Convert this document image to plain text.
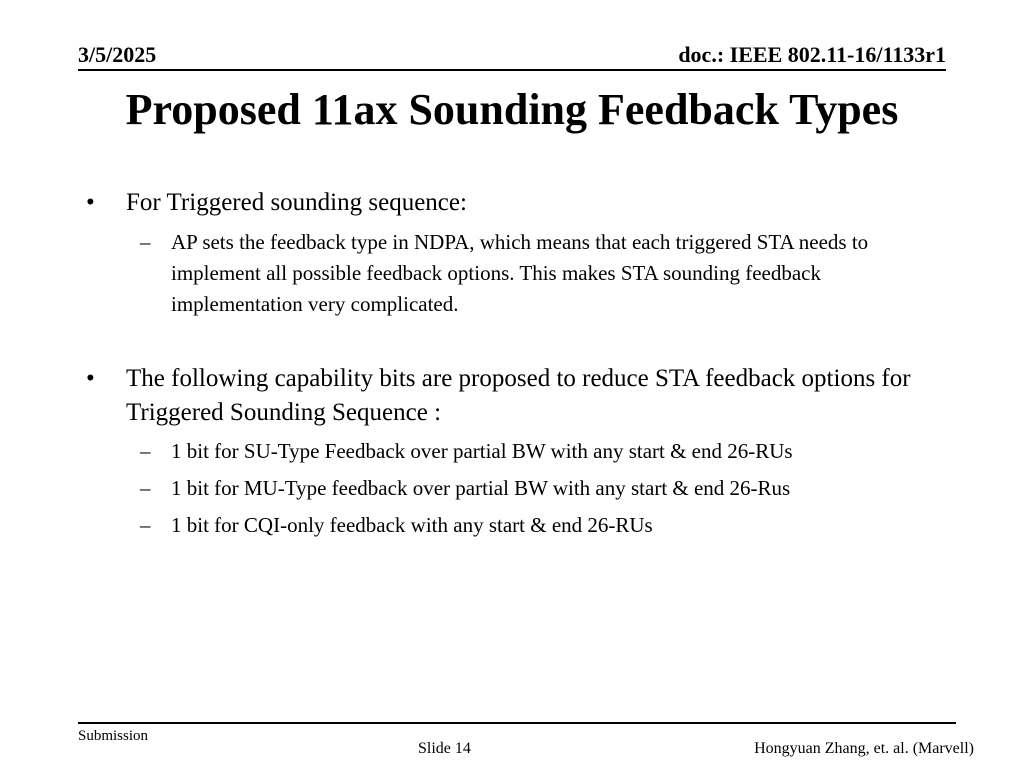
3/5/2025	doc.: IEEE 802.11-16/1133r1
Proposed 11ax Sounding Feedback Types
• For Triggered sounding sequence:
– AP sets the feedback type in NDPA, which means that each triggered STA needs to implement all possible feedback options. This makes STA sounding feedback implementation very complicated.
• The following capability bits are proposed to reduce STA feedback options for Triggered Sounding Sequence :
– 1 bit for SU-Type Feedback over partial BW with any start & end 26-RUs
– 1 bit for MU-Type feedback over partial BW with any start & end 26-Rus
– 1 bit for CQI-only feedback with any start & end 26-RUs
Submission
Slide 14	Hongyuan Zhang, et. al. (Marvell)
